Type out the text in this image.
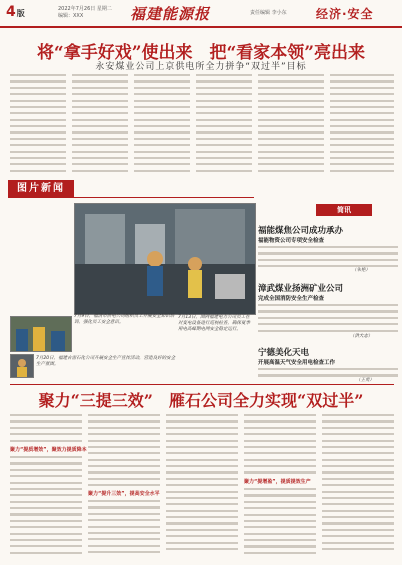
4版	2022年7月26日 星期二
编辑：XXX	福建能源报	责任编辑 李小东 经济·安全
将“拿手好戏”使出来　把“看家本领”亮出来
永安煤业公司上京供电所全力拼争“双过半”目标
图片新闻
7月13日，国网福建电力公司员工在对变电设备进行巡视检查，确保夏季用电高峰期电网安全稳定运行。
7月9日，福清市供电公司组织员工开展安全知识培训，强化员工安全意识。
7月20日，福建古雷石化公司开展安全生产宣传活动，营造良好的安全生产氛围。
简讯
福能煤焦公司成功承办
福能物资公司专项安全检查
（朱艳）
漳武煤业扬洲矿业公司
完成全国消防安全生产检查
（洪大志）
宁德美化天电
开展高温天气安全用电检查工作
（王勇）
聚力“三提三效”　雁石公司全力实现“双过半”
聚力“提质增效”，聚效力提质降本
聚力“提升三效”，提高安全水平
聚力“提增盈”，提质提效生产
